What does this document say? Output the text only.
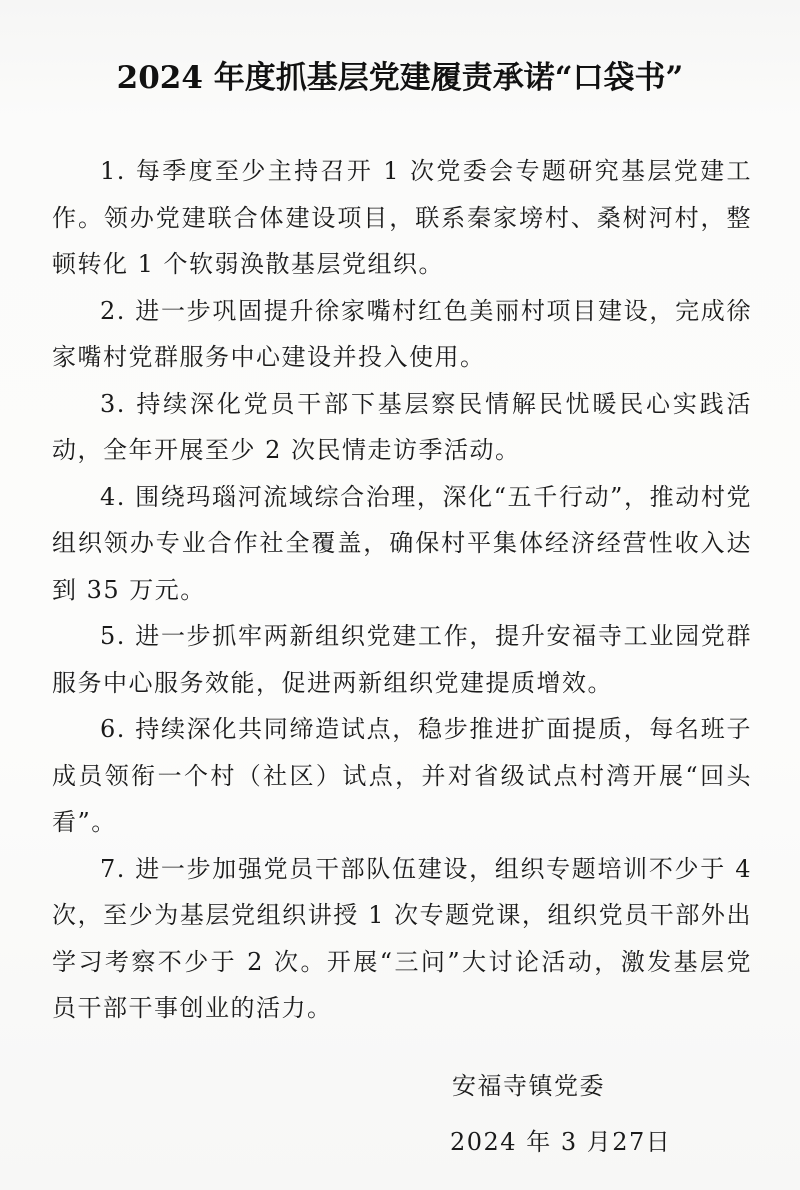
2024 年度抓基层党建履责承诺“口袋书”

1. 每季度至少主持召开 1 次党委会专题研究基层党建工作。领办党建联合体建设项目，联系秦家塝村、桑树河村，整顿转化 1 个软弱涣散基层党组织。

2. 进一步巩固提升徐家嘴村红色美丽村项目建设，完成徐家嘴村党群服务中心建设并投入使用。

3. 持续深化党员干部下基层察民情解民忧暖民心实践活动，全年开展至少 2 次民情走访季活动。

4. 围绕玛瑙河流域综合治理，深化“五千行动”，推动村党组织领办专业合作社全覆盖，确保村平集体经济经营性收入达到 35 万元。

5. 进一步抓牢两新组织党建工作，提升安福寺工业园党群服务中心服务效能，促进两新组织党建提质增效。

6. 持续深化共同缔造试点，稳步推进扩面提质，每名班子成员领衔一个村（社区）试点，并对省级试点村湾开展“回头看”。

7. 进一步加强党员干部队伍建设，组织专题培训不少于 4 次，至少为基层党组织讲授 1 次专题党课，组织党员干部外出学习考察不少于 2 次。开展“三问”大讨论活动，激发基层党员干部干事创业的活力。

安福寺镇党委
2024 年 3 月27日
